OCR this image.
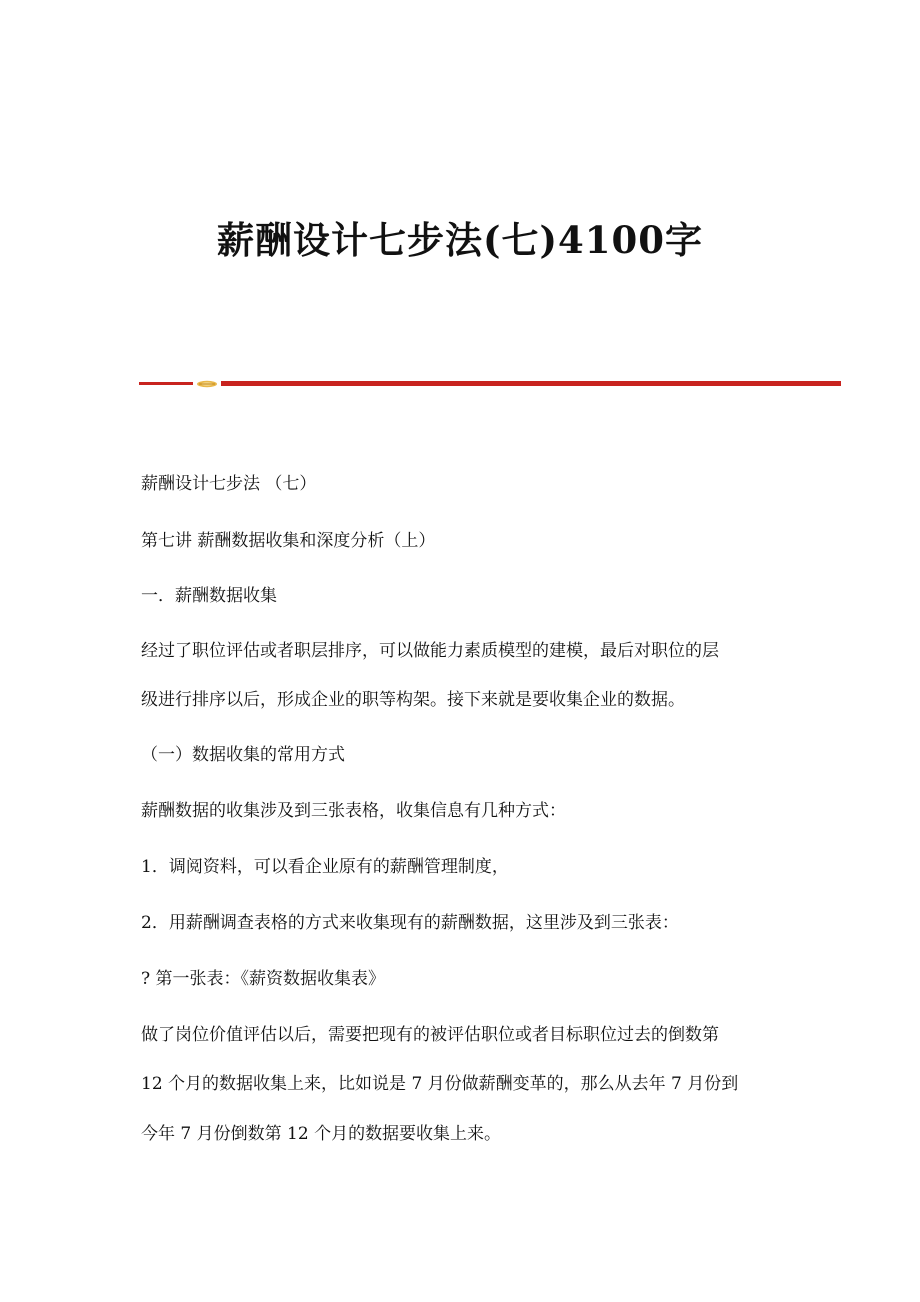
薪酬设计七步法(七)4100字
薪酬设计七步法 （七）
第七讲 薪酬数据收集和深度分析（上）
一．薪酬数据收集
经过了职位评估或者职层排序，可以做能力素质模型的建模，最后对职位的层
级进行排序以后，形成企业的职等构架。接下来就是要收集企业的数据。
（一）数据收集的常用方式
薪酬数据的收集涉及到三张表格，收集信息有几种方式：
1．调阅资料，可以看企业原有的薪酬管理制度，
2．用薪酬调查表格的方式来收集现有的薪酬数据，这里涉及到三张表：
? 第一张表：《薪资数据收集表》
做了岗位价值评估以后，需要把现有的被评估职位或者目标职位过去的倒数第
12 个月的数据收集上来，比如说是 7 月份做薪酬变革的，那么从去年 7 月份到
今年 7 月份倒数第 12 个月的数据要收集上来。
